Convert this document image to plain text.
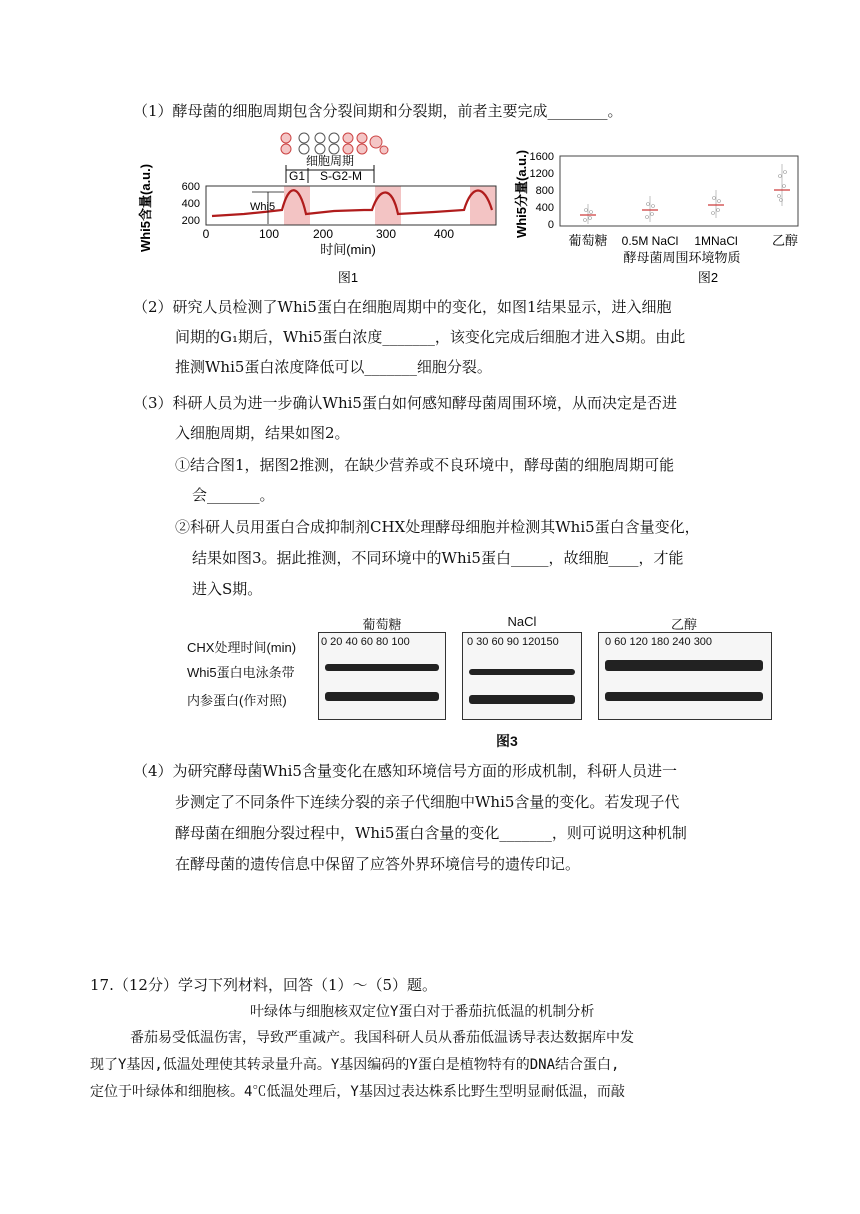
（1）酵母菌的细胞周期包含分裂间期和分裂期，前者主要完成________。
细胞周期
G1 S-G2-M
Whi5
600
400
200
0	100	200	300	400
时间(min)
Whi5含量(a.u.)
图1
1600
1200
800
400
0
葡萄糖 0.5M NaCl 1MNaCl	乙醇
酵母菌周围环境物质
图2
Whi5分量(a.u.)
（2）研究人员检测了Whi5蛋白在细胞周期中的变化，如图1结果显示，进入细胞
间期的G₁期后，Whi5蛋白浓度_______，该变化完成后细胞才进入S期。由此
推测Whi5蛋白浓度降低可以_______细胞分裂。
（3）科研人员为进一步确认Whi5蛋白如何感知酵母菌周围环境，从而决定是否进
入细胞周期，结果如图2。
①结合图1，据图2推测，在缺少营养或不良环境中，酵母菌的细胞周期可能
会_______。
②科研人员用蛋白合成抑制剂CHX处理酵母细胞并检测其Whi5蛋白含量变化，
结果如图3。据此推测，不同环境中的Whi5蛋白_____，故细胞____，才能
进入S期。
CHX处理时间(min)
Whi5蛋白电泳条带
内参蛋白(作对照)
葡萄糖	NaCl	乙醇
0 20 40 60 80 100	0 30 60 90 120150	0 60 120 180 240 300
图3
（4）为研究酵母菌Whi5含量变化在感知环境信号方面的形成机制，科研人员进一
步测定了不同条件下连续分裂的亲子代细胞中Whi5含量的变化。若发现子代
酵母菌在细胞分裂过程中，Whi5蛋白含量的变化_______，则可说明这种机制
在酵母菌的遗传信息中保留了应答外界环境信号的遗传印记。
17.（12分）学习下列材料，回答（1）～（5）题。
叶绿体与细胞核双定位Y蛋白对于番茄抗低温的机制分析
番茄易受低温伤害，导致严重减产。我国科研人员从番茄低温诱导表达数据库中发
现了Y基因,低温处理使其转录量升高。Y基因编码的Y蛋白是植物特有的DNA结合蛋白,
定位于叶绿体和细胞核。4℃低温处理后，Y基因过表达株系比野生型明显耐低温，而敲
